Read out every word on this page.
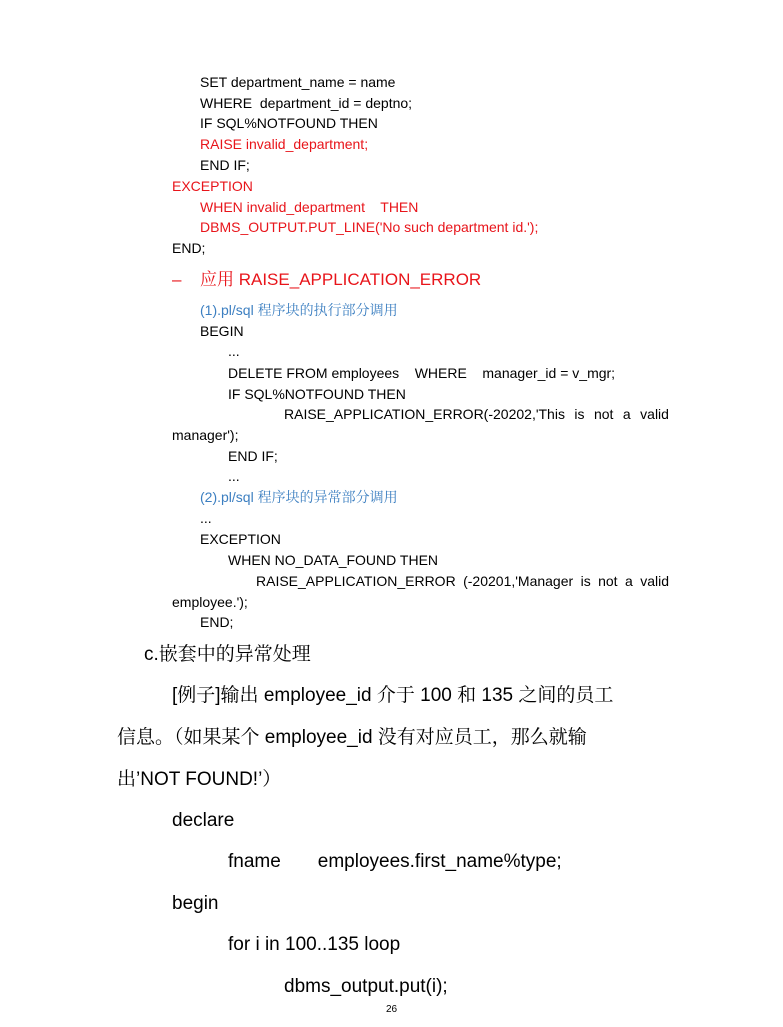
SET department_name = name
WHERE  department_id = deptno;
IF SQL%NOTFOUND THEN
RAISE invalid_department;
END IF;
EXCEPTION
WHEN invalid_department    THEN
DBMS_OUTPUT.PUT_LINE('No such department id.');
END;
– 应用 RAISE_APPLICATION_ERROR
(1).pl/sql 程序块的执行部分调用
BEGIN
...
DELETE FROM employees    WHERE    manager_id = v_mgr;
IF SQL%NOTFOUND THEN
RAISE_APPLICATION_ERROR(-20202,'This is not a valid
manager');
END IF;
...
(2).pl/sql 程序块的异常部分调用
...
EXCEPTION
WHEN NO_DATA_FOUND THEN
RAISE_APPLICATION_ERROR (-20201,'Manager is not a valid
employee.');
END;
c.嵌套中的异常处理
[例子]输出 employee_id 介于 100 和 135 之间的员工
信息。（如果某个 employee_id 没有对应员工，那么就输
出’NOT FOUND!’）
declare
fname       employees.first_name%type;
begin
for i in 100..135 loop
dbms_output.put(i);
26
